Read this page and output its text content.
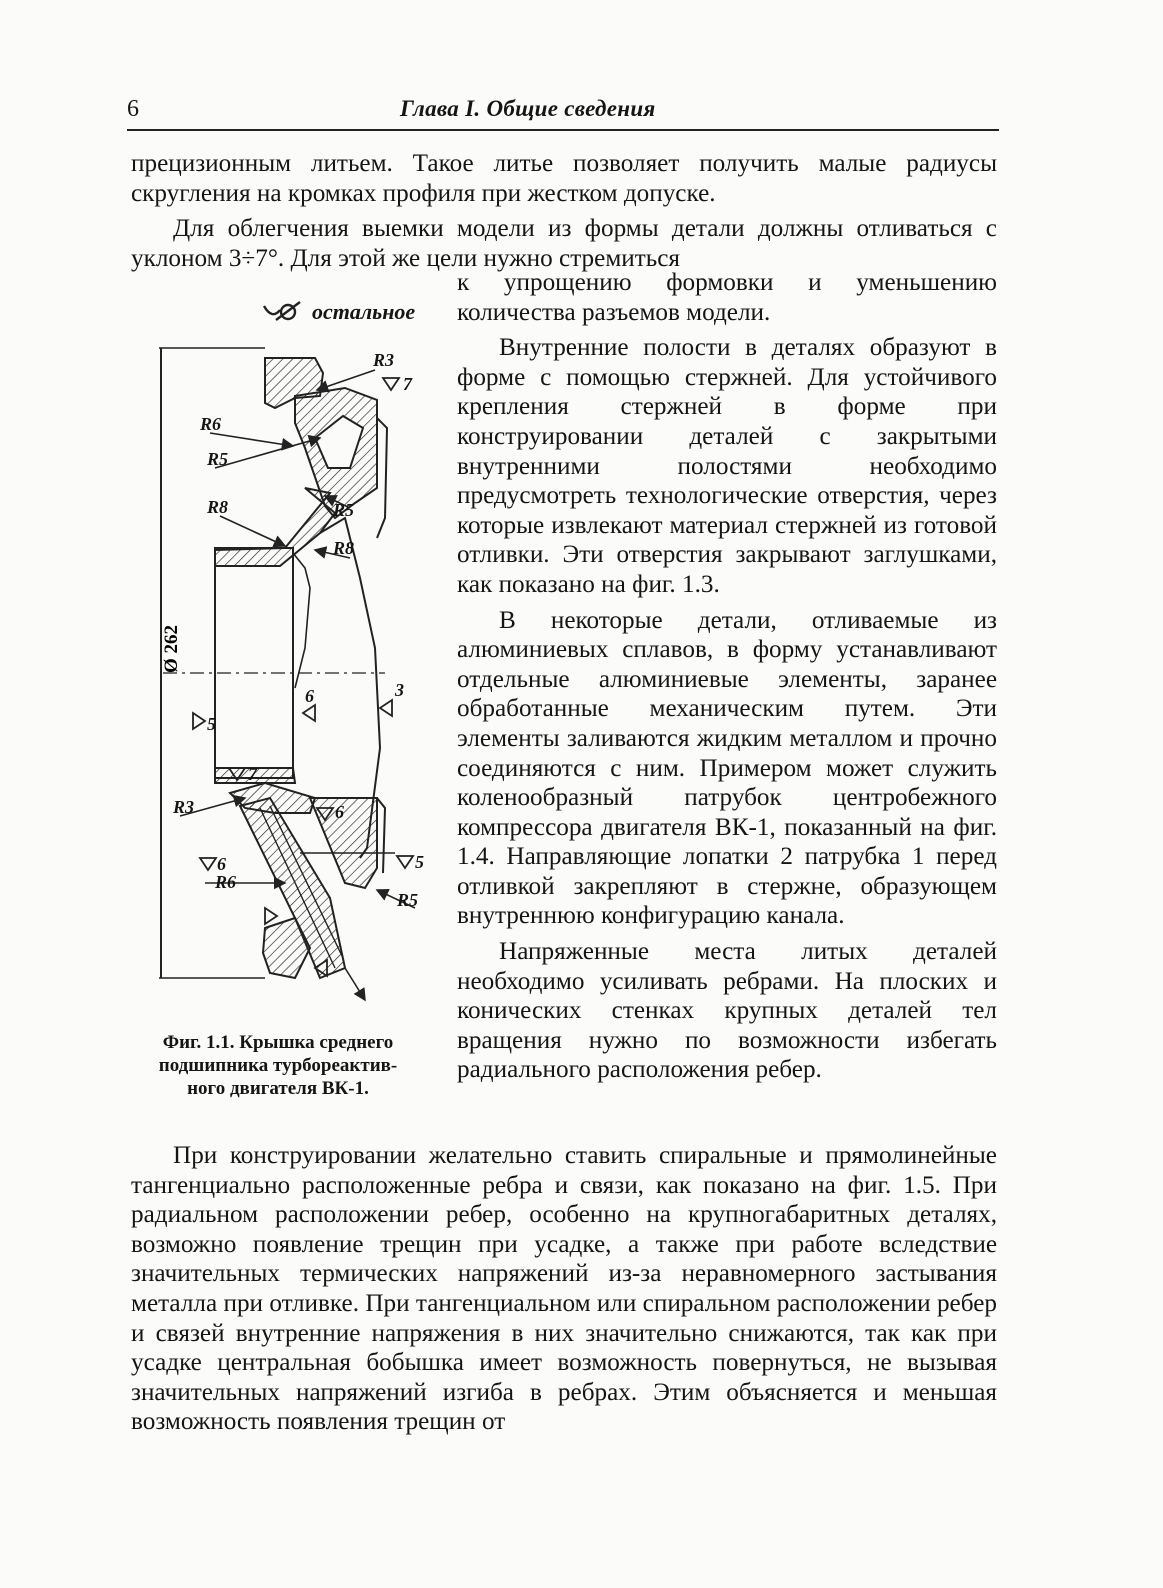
6	Глава I. Общие сведения

прецизионным литьем. Такое литье позволяет получить малые радиусы скругления на кромках профиля при жестком допуске.

Для облегчения выемки модели из формы детали должны отливаться с уклоном 3÷7°. Для этой же цели нужно стремиться

остальное

к упрощению формовки и уменьшению количества разъемов модели.

Внутренние полости в деталях образуют в форме с помощью стержней. Для устойчивого крепления стержней в форме при конструировании деталей с закрытыми внутренними полостями необходимо предусмотреть технологические отверстия, через которые извлекают материал стержней из готовой отливки. Эти отверстия закрывают заглушками, как показано на фиг. 1.3.

В некоторые детали, отливаемые из алюминиевых сплавов, в форму устанавливают отдельные алюминиевые элементы, заранее обработанные механическим путем. Эти элементы заливаются жидким металлом и прочно соединяются с ним. Примером может служить коленообразный патрубок центробежного компрессора двигателя ВК-1, показанный на фиг. 1.4. Направляющие лопатки 2 патрубка 1 перед отливкой закрепляют в стержне, образующем внутреннюю конфигурацию канала.

Напряженные места литых деталей необходимо усиливать ребрами. На плоских и конических стенках крупных деталей тел вращения нужно по возможности избегать радиального расположения ребер.

Ø 262
R3
R6
R5
R8	R5
R8
R3
R6
R5
7
7
5
6
3
6
6	5
Фиг. 1.1. Крышка среднего
подшипника турбореактив-
ного двигателя ВК-1.

При конструировании желательно ставить спиральные и прямолинейные тангенциально расположенные ребра и связи, как показано на фиг. 1.5. При радиальном расположении ребер, особенно на крупногабаритных деталях, возможно появление трещин при усадке, а также при работе вследствие значительных термических напряжений из-за неравномерного застывания металла при отливке. При тангенциальном или спиральном расположении ребер и связей внутренние напряжения в них значительно снижаются, так как при усадке центральная бобышка имеет возможность повернуться, не вызывая значительных напряжений изгиба в ребрах. Этим объясняется и меньшая возможность появления трещин от
